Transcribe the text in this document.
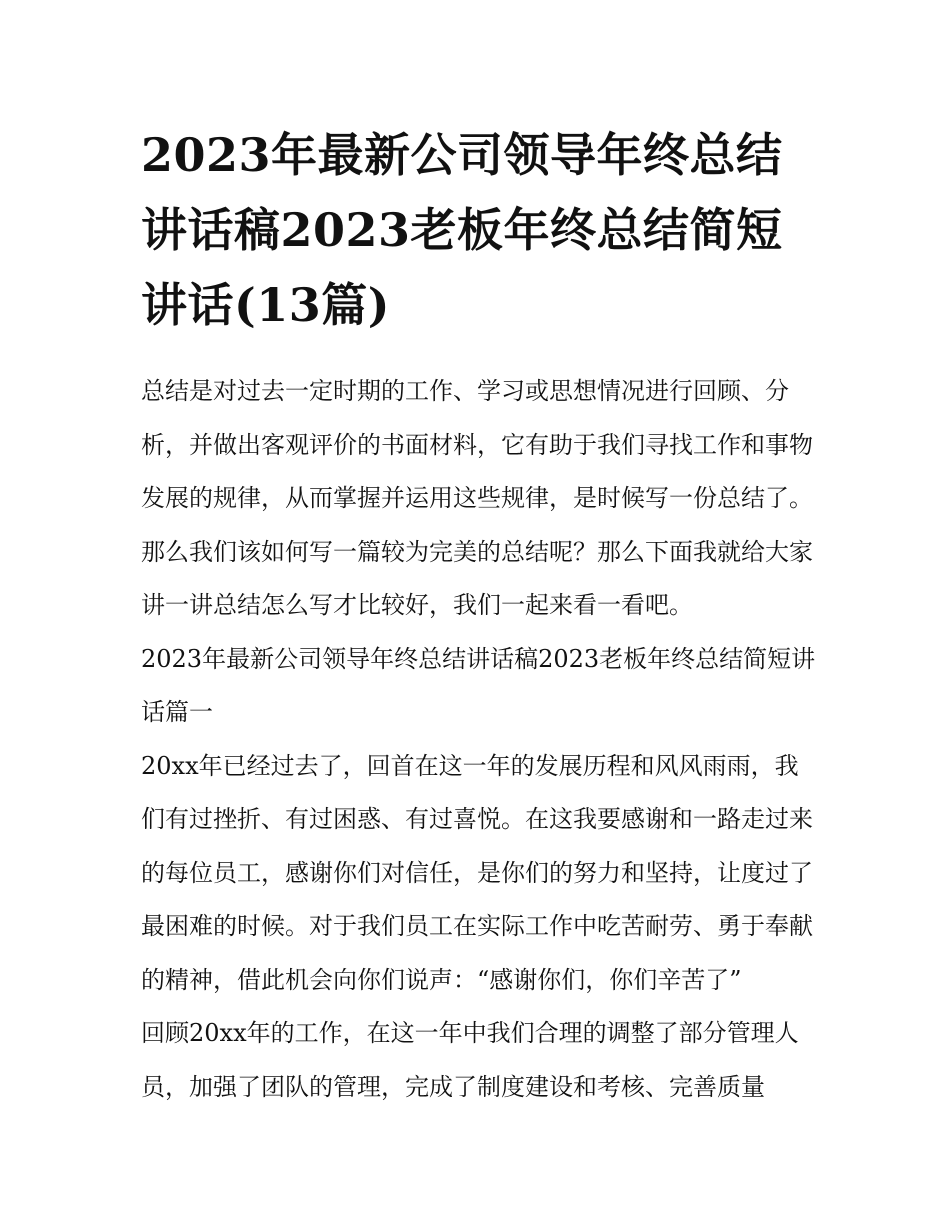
2023年最新公司领导年终总结讲话稿2023老板年终总结简短讲话(13篇)

总结是对过去一定时期的工作、学习或思想情况进行回顾、分析，并做出客观评价的书面材料，它有助于我们寻找工作和事物发展的规律，从而掌握并运用这些规律，是时候写一份总结了。那么我们该如何写一篇较为完美的总结呢？那么下面我就给大家讲一讲总结怎么写才比较好，我们一起来看一看吧。

2023年最新公司领导年终总结讲话稿2023老板年终总结简短讲话篇一

20xx年已经过去了，回首在这一年的发展历程和风风雨雨，我们有过挫折、有过困惑、有过喜悦。在这我要感谢和一路走过来的每位员工，感谢你们对信任，是你们的努力和坚持，让度过了最困难的时候。对于我们员工在实际工作中吃苦耐劳、勇于奉献的精神，借此机会向你们说声：“感谢你们，你们辛苦了”

回顾20xx年的工作，在这一年中我们合理的调整了部分管理人员，加强了团队的管理，完成了制度建设和考核、完善质量
